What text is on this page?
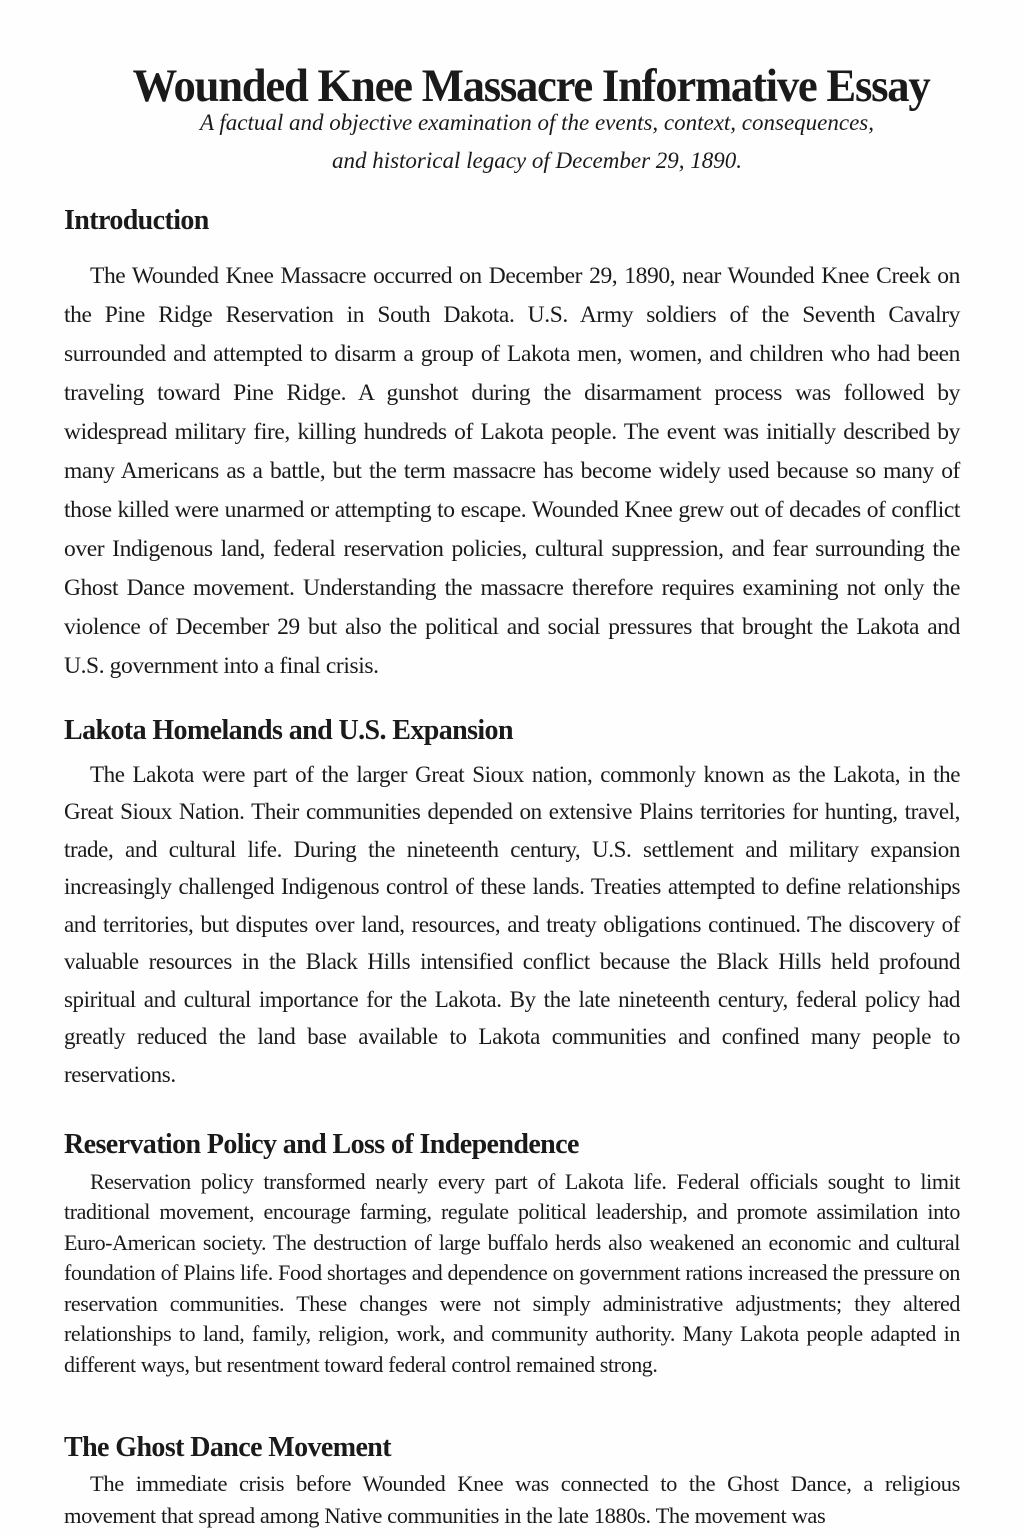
Wounded Knee Massacre Informative Essay
A factual and objective examination of the events, context, consequences,
and historical legacy of December 29, 1890.
Introduction

The Wounded Knee Massacre occurred on December 29, 1890, near Wounded Knee Creek on the Pine Ridge Reservation in South Dakota. U.S. Army soldiers of the Seventh Cavalry surrounded and attempted to disarm a group of Lakota men, women, and children who had been traveling toward Pine Ridge. A gunshot during the disarmament process was followed by widespread military fire, killing hundreds of Lakota people. The event was initially described by many Americans as a battle, but the term massacre has become widely used because so many of those killed were unarmed or attempting to escape. Wounded Knee grew out of decades of conflict over Indigenous land, federal reservation policies, cultural suppression, and fear surrounding the Ghost Dance movement. Understanding the massacre therefore requires examining not only the violence of December 29 but also the political and social pressures that brought the Lakota and U.S. government into a final crisis.

Lakota Homelands and U.S. Expansion

The Lakota were part of the larger Great Sioux nation, commonly known as the Lakota, in the Great Sioux Nation. Their communities depended on extensive Plains territories for hunting, travel, trade, and cultural life. During the nineteenth century, U.S. settlement and military expansion increasingly challenged Indigenous control of these lands. Treaties attempted to define relationships and territories, but disputes over land, resources, and treaty obligations continued. The discovery of valuable resources in the Black Hills intensified conflict because the Black Hills held profound spiritual and cultural importance for the Lakota. By the late nineteenth century, federal policy had greatly reduced the land base available to Lakota communities and confined many people to reservations.

Reservation Policy and Loss of Independence

Reservation policy transformed nearly every part of Lakota life. Federal officials sought to limit traditional movement, encourage farming, regulate political leadership, and promote assimilation into Euro-American society. The destruction of large buffalo herds also weakened an economic and cultural foundation of Plains life. Food shortages and dependence on government rations increased the pressure on reservation communities. These changes were not simply administrative adjustments; they altered relationships to land, family, religion, work, and community authority. Many Lakota people adapted in different ways, but resentment toward federal control remained strong.

The Ghost Dance Movement

The immediate crisis before Wounded Knee was connected to the Ghost Dance, a religious movement that spread among Native communities in the late 1880s. The movement was
